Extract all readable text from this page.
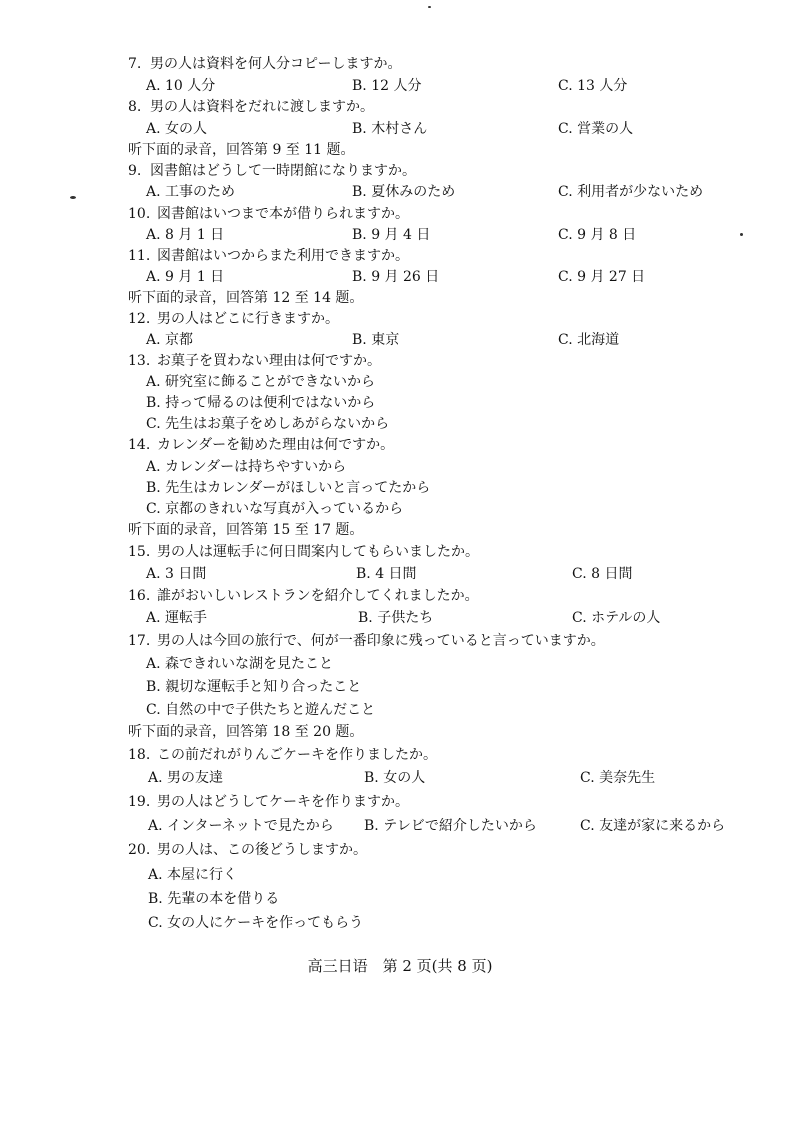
7. 男の人は資料を何人分コピーしますか。
A. 10 人分	B. 12 人分	C. 13 人分
8. 男の人は資料をだれに渡しますか。
A. 女の人	B. 木村さん	C. 営業の人
听下面的录音，回答第 9 至 11 题。
9. 図書館はどうして一時閉館になりますか。
A. 工事のため	B. 夏休みのため	C. 利用者が少ないため
10. 図書館はいつまで本が借りられますか。
A. 8 月 1 日	B. 9 月 4 日	C. 9 月 8 日
11. 図書館はいつからまた利用できますか。
A. 9 月 1 日	B. 9 月 26 日	C. 9 月 27 日
听下面的录音，回答第 12 至 14 题。
12. 男の人はどこに行きますか。
A. 京都	B. 東京	C. 北海道
13. お菓子を買わない理由は何ですか。
A. 研究室に飾ることができないから
B. 持って帰るのは便利ではないから
C. 先生はお菓子をめしあがらないから
14. カレンダーを勧めた理由は何ですか。
A. カレンダーは持ちやすいから
B. 先生はカレンダーがほしいと言ってたから
C. 京都のきれいな写真が入っているから
听下面的录音，回答第 15 至 17 题。
15. 男の人は運転手に何日間案内してもらいましたか。
A. 3 日間	B. 4 日間	C. 8 日間
16. 誰がおいしいレストランを紹介してくれましたか。
A. 運転手	B. 子供たち	C. ホテルの人
17. 男の人は今回の旅行で、何が一番印象に残っていると言っていますか。
A. 森できれいな湖を見たこと
B. 親切な運転手と知り合ったこと
C. 自然の中で子供たちと遊んだこと
听下面的录音，回答第 18 至 20 题。
18. この前だれがりんごケーキを作りましたか。
A. 男の友達	B. 女の人	C. 美奈先生
19. 男の人はどうしてケーキを作りますか。
A. インターネットで見たから B. テレビで紹介したいから	C. 友達が家に来るから
20. 男の人は、この後どうしますか。
A. 本屋に行く
B. 先輩の本を借りる
C. 女の人にケーキを作ってもらう
高三日语　第 2 页(共 8 页)
